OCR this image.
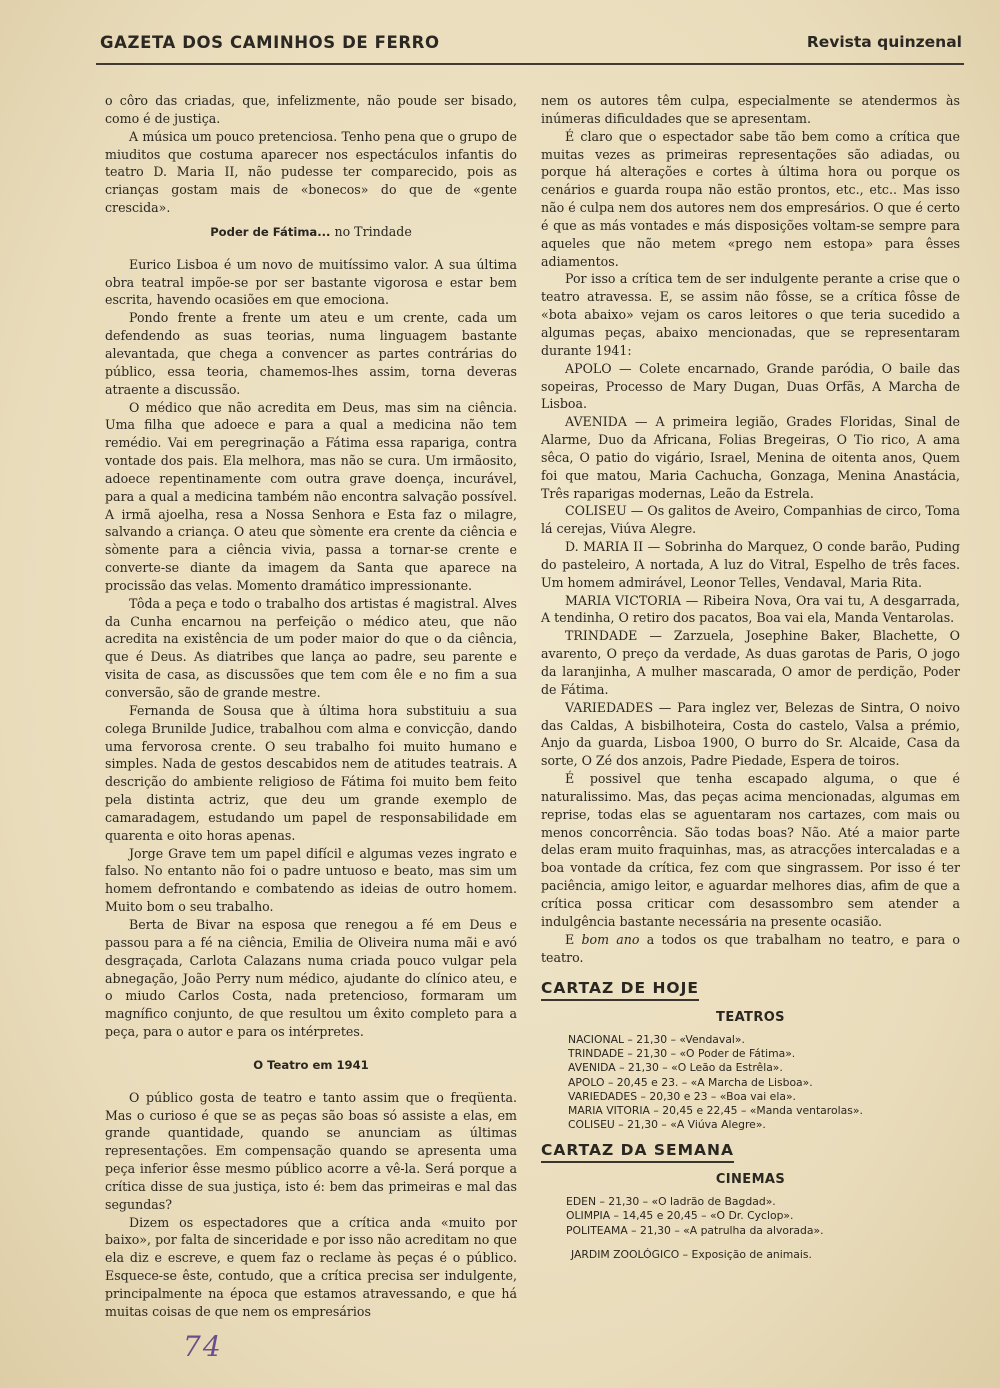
GAZETA DOS CAMINHOS DE FERRO	Revista quinzenal

o côro das criadas, que, infelizmente, não poude ser bisado, como é de justiça.

A música um pouco pretenciosa. Tenho pena que o grupo de miuditos que costuma aparecer nos espectáculos infantis do teatro D. Maria II, não pudesse ter comparecido, pois as crianças gostam mais de «bonecos» do que de «gente crescida».

Poder de Fátima... no Trindade

Eurico Lisboa é um novo de muitíssimo valor. A sua última obra teatral impõe-se por ser bastante vigorosa e estar bem escrita, havendo ocasiões em que emociona.

Pondo frente a frente um ateu e um crente, cada um defendendo as suas teorias, numa linguagem bastante alevantada, que chega a convencer as partes contrárias do público, essa teoria, chamemos-lhes assim, torna deveras atraente a discussão.

O médico que não acredita em Deus, mas sim na ciência. Uma filha que adoece e para a qual a medicina não tem remédio. Vai em peregrinação a Fátima essa rapariga, contra vontade dos pais. Ela melhora, mas não se cura. Um irmãosito, adoece repentinamente com outra grave doença, incurável, para a qual a medicina também não encontra salvação possível. A irmã ajoelha, resa a Nossa Senhora e Esta faz o milagre, salvando a criança. O ateu que sòmente era crente da ciência e sòmente para a ciência vivia, passa a tornar-se crente e converte-se diante da imagem da Santa que aparece na procissão das velas. Momento dramático impressionante.

Tôda a peça e todo o trabalho dos artistas é magistral. Alves da Cunha encarnou na perfeição o médico ateu, que não acredita na existência de um poder maior do que o da ciência, que é Deus. As diatribes que lança ao padre, seu parente e visita de casa, as discussões que tem com êle e no fim a sua conversão, são de grande mestre.

Fernanda de Sousa que à última hora substituiu a sua colega Brunilde Judice, trabalhou com alma e convicção, dando uma fervorosa crente. O seu trabalho foi muito humano e simples. Nada de gestos descabidos nem de atitudes teatrais. A descrição do ambiente religioso de Fátima foi muito bem feito pela distinta actriz, que deu um grande exemplo de camaradagem, estudando um papel de responsabilidade em quarenta e oito horas apenas.

Jorge Grave tem um papel difícil e algumas vezes ingrato e falso. No entanto não foi o padre untuoso e beato, mas sim um homem defrontando e combatendo as ideias de outro homem. Muito bom o seu trabalho.

Berta de Bivar na esposa que renegou a fé em Deus e passou para a fé na ciência, Emilia de Oliveira numa mãi e avó desgraçada, Carlota Calazans numa criada pouco vulgar pela abnegação, João Perry num médico, ajudante do clínico ateu, e o miudo Carlos Costa, nada pretencioso, formaram um magnífico conjunto, de que resultou um êxito completo para a peça, para o autor e para os intérpretes.

O Teatro em 1941

O público gosta de teatro e tanto assim que o freqüenta. Mas o curioso é que se as peças são boas só assiste a elas, em grande quantidade, quando se anunciam as últimas representações. Em compensação quando se apresenta uma peça inferior êsse mesmo público acorre a vê-la. Será porque a crítica disse de sua justiça, isto é: bem das primeiras e mal das segundas?

Dizem os espectadores que a crítica anda «muito por baixo», por falta de sinceridade e por isso não acreditam no que ela diz e escreve, e quem faz o reclame às peças é o público. Esquece-se êste, contudo, que a crítica precisa ser indulgente, principalmente na época que estamos atravessando, e que há muitas coisas de que nem os empresários

nem os autores têm culpa, especialmente se atendermos às inúmeras dificuldades que se apresentam.

É claro que o espectador sabe tão bem como a crítica que muitas vezes as primeiras representações são adiadas, ou porque há alterações e cortes à última hora ou porque os cenários e guarda roupa não estão prontos, etc., etc.. Mas isso não é culpa nem dos autores nem dos empresários. O que é certo é que as más vontades e más disposições voltam-se sempre para aqueles que não metem «prego nem estopa» para êsses adiamentos.

Por isso a crítica tem de ser indulgente perante a crise que o teatro atravessa. E, se assim não fôsse, se a crítica fôsse de «bota abaixo» vejam os caros leitores o que teria sucedido a algumas peças, abaixo mencionadas, que se representaram durante 1941:

APOLO — Colete encarnado, Grande paródia, O baile das sopeiras, Processo de Mary Dugan, Duas Orfãs, A Marcha de Lisboa.

AVENIDA — A primeira legião, Grades Floridas, Sinal de Alarme, Duo da Africana, Folias Bregeiras, O Tio rico, A ama sêca, O patio do vigário, Israel, Menina de oitenta anos, Quem foi que matou, Maria Cachucha, Gonzaga, Menina Anastácia, Três raparigas modernas, Leão da Estrela.

COLISEU — Os galitos de Aveiro, Companhias de circo, Toma lá cerejas, Viúva Alegre.

D. MARIA II — Sobrinha do Marquez, O conde barão, Puding do pasteleiro, A nortada, A luz do Vitral, Espelho de três faces. Um homem admirável, Leonor Telles, Vendaval, Maria Rita.

MARIA VICTORIA — Ribeira Nova, Ora vai tu, A desgarrada, A tendinha, O retiro dos pacatos, Boa vai ela, Manda Ventarolas.

TRINDADE — Zarzuela, Josephine Baker, Blachette, O avarento, O preço da verdade, As duas garotas de Paris, O jogo da laranjinha, A mulher mascarada, O amor de perdição, Poder de Fátima.

VARIEDADES — Para inglez ver, Belezas de Sintra, O noivo das Caldas, A bisbilhoteira, Costa do castelo, Valsa a prémio, Anjo da guarda, Lisboa 1900, O burro do Sr. Alcaide, Casa da sorte, O Zé dos anzois, Padre Piedade, Espera de toiros.

É possivel que tenha escapado alguma, o que é naturalissimo. Mas, das peças acima mencionadas, algumas em reprise, todas elas se aguentaram nos cartazes, com mais ou menos concorrência. São todas boas? Não. Até a maior parte delas eram muito fraquinhas, mas, as atracções intercaladas e a boa vontade da crítica, fez com que singrassem. Por isso é ter paciência, amigo leitor, e aguardar melhores dias, afim de que a crítica possa criticar com desassombro sem atender a indulgência bastante necessária na presente ocasião.

E bom ano a todos os que trabalham no teatro, e para o teatro.

CARTAZ DE HOJE
TEATROS
NACIONAL – 21,30 – «Vendaval».
TRINDADE – 21,30 – «O Poder de Fátima».
AVENIDA – 21,30 – «O Leão da Estrêla».
APOLO – 20,45 e 23. – «A Marcha de Lisboa».
VARIEDADES – 20,30 e 23 – «Boa vai ela».
MARIA VITORIA – 20,45 e 22,45 – «Manda ventarolas».
COLISEU – 21,30 – «A Viúva Alegre».
CARTAZ DA SEMANA
CINEMAS
EDEN – 21,30 – «O ladrão de Bagdad».
OLIMPIA – 14,45 e 20,45 – «O Dr. Cyclop».
POLITEAMA – 21,30 – «A patrulha da alvorada».
JARDIM ZOOLÓGICO – Exposição de animais.
74
